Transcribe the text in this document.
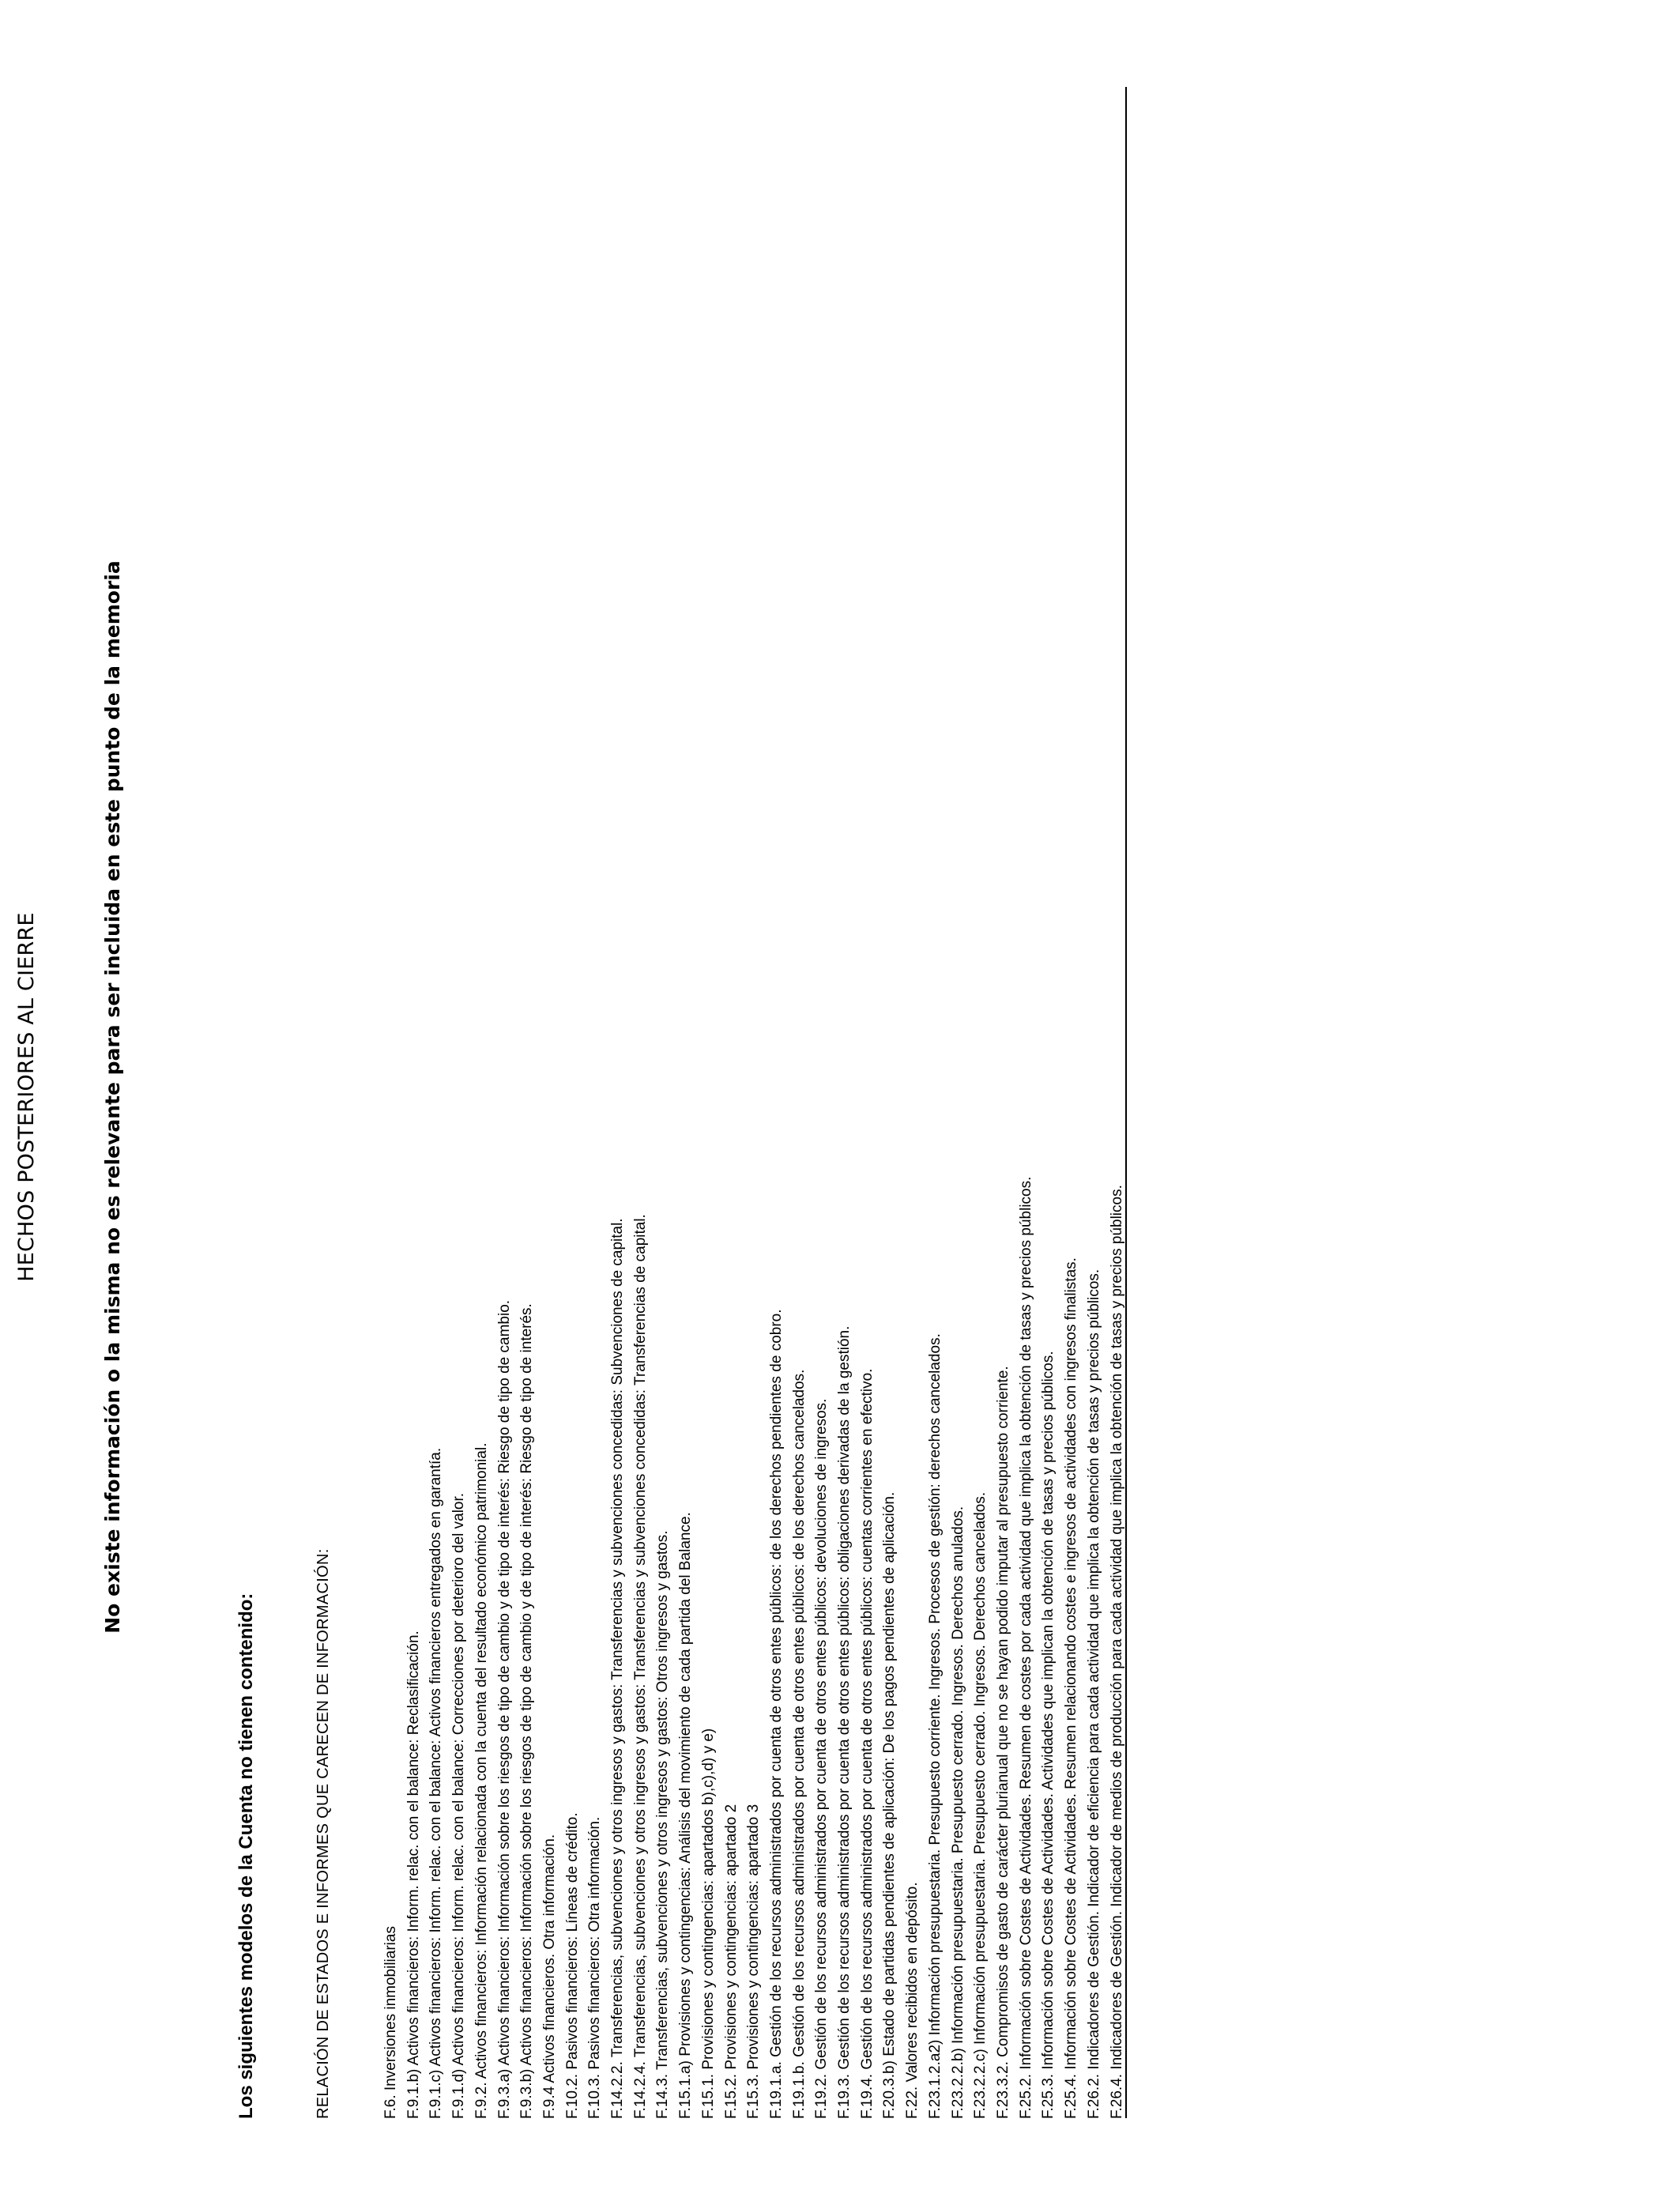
HECHOS POSTERIORES AL CIERRE	No existe información o la misma no es relevante para ser incluida en este punto de la memoria
Los siguientes modelos de la Cuenta no tienen contenido:	RELACIÓN DE ESTADOS E INFORMES QUE CARECEN DE INFORMACIÓN:	F.6. Inversiones inmobiliarias F.9.1.b) Activos financieros: Inform. relac. con el balance: Reclasificación. F.9.1.c) Activos financieros: Inform. relac. con el balance: Activos financieros entregados en garantía. F.9.1.d) Activos financieros: Inform. relac. con el balance: Correcciones por deterioro del valor. F.9.2. Activos financieros: Información relacionada con la cuenta del resultado económico patrimonial. F.9.3.a) Activos financieros: Información sobre los riesgos de tipo de cambio y de tipo de interés: Riesgo de tipo de cambio. F.9.3.b) Activos financieros: Información sobre los riesgos de tipo de cambio y de tipo de interés: Riesgo de tipo de interés. F.9.4 Activos financieros. Otra información. F.10.2. Pasivos financieros: Líneas de crédito. F.10.3. Pasivos financieros: Otra información. F.14.2.2. Transferencias, subvenciones y otros ingresos y gastos: Transferencias y subvenciones concedidas: Subvenciones de capital. F.14.2.4. Transferencias, subvenciones y otros ingresos y gastos: Transferencias y subvenciones concedidas: Transferencias de capital. F.14.3. Transferencias, subvenciones y otros ingresos y gastos: Otros ingresos y gastos. F.15.1.a) Provisiones y contingencias: Análisis del movimiento de cada partida del Balance. F.15.1. Provisiones y contingencias: apartados b),c),d) y e) F.15.2. Provisiones y contingencias: apartado 2 F.15.3. Provisiones y contingencias: apartado 3 F.19.1.a. Gestión de los recursos administrados por cuenta de otros entes públicos: de los derechos pendientes de cobro. F.19.1.b. Gestión de los recursos administrados por cuenta de otros entes públicos: de los derechos cancelados. F.19.2. Gestión de los recursos administrados por cuenta de otros entes públicos: devoluciones de ingresos. F.19.3. Gestión de los recursos administrados por cuenta de otros entes públicos: obligaciones derivadas de la gestión. F.19.4. Gestión de los recursos administrados por cuenta de otros entes públicos: cuentas corrientes en efectivo. F.20.3.b) Estado de partidas pendientes de aplicación: De los pagos pendientes de aplicación. F.22. Valores recibidos en depósito. F.23.1.2.a2) Información presupuestaria. Presupuesto corriente. Ingresos. Procesos de gestión: derechos cancelados. F.23.2.2.b) Información presupuestaria. Presupuesto cerrado. Ingresos. Derechos anulados. F.23.2.2.c) Información presupuestaria. Presupuesto cerrado. Ingresos. Derechos cancelados. F.23.3.2. Compromisos de gasto de carácter plurianual que no se hayan podido imputar al presupuesto corriente. F.25.2. Información sobre Costes de Actividades. Resumen de costes por cada actividad que implica la obtención de tasas y precios públicos. F.25.3. Información sobre Costes de Actividades. Actividades que implican la obtención de tasas y precios públicos. F.25.4. Información sobre Costes de Actividades. Resumen relacionando costes e ingresos de actividades con ingresos finalistas. F.26.2. Indicadores de Gestión. Indicador de eficiencia para cada actividad que implica la obtención de tasas y precios públicos. F.26.4. Indicadores de Gestión. Indicador de medios de producción para cada actividad que implica la obtención de tasas y precios públicos.
